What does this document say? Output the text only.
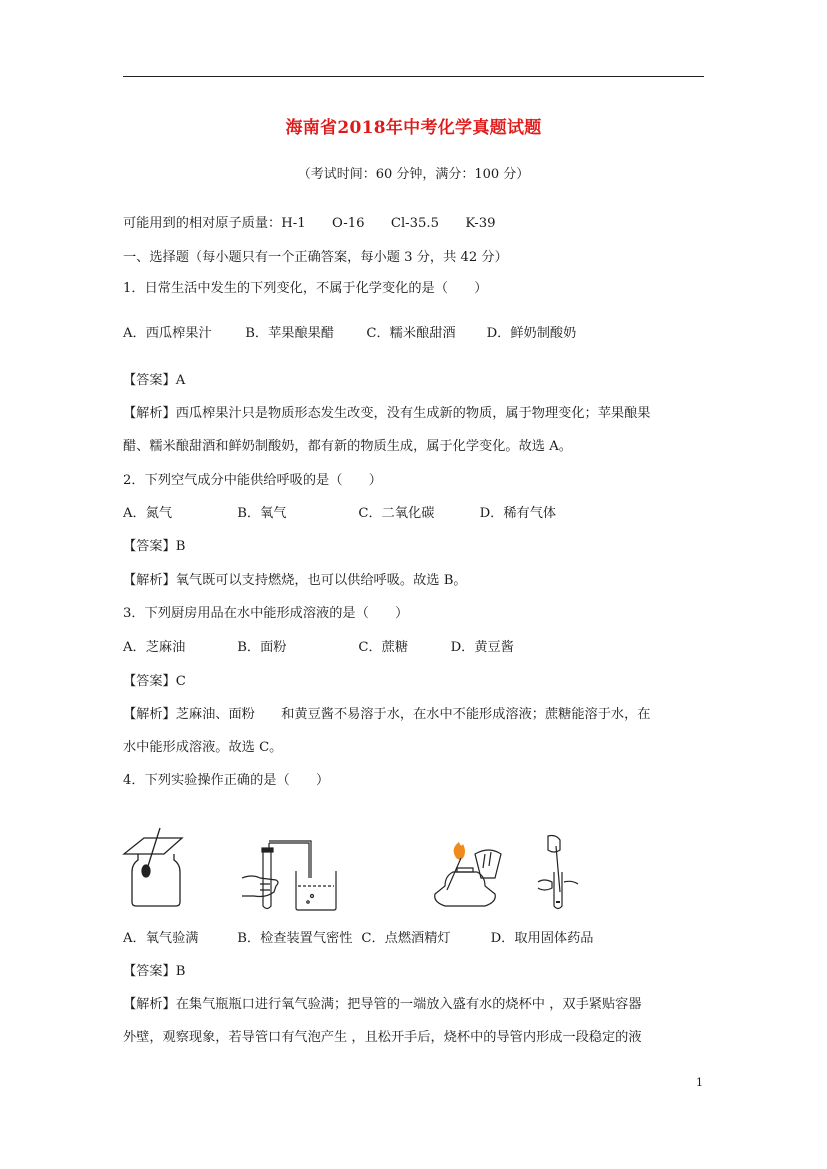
海南省2018年中考化学真题试题
（考试时间：60 分钟，满分：100 分）
可能用到的相对原子质量：H-1　　O-16　　Cl-35.5　　K-39
一、选择题（每小题只有一个正确答案，每小题 3 分，共 42 分）
1．日常生活中发生的下列变化，不属于化学变化的是（　　）
A．西瓜榨果汁	B．苹果酿果醋 C．糯米酿甜酒 D．鲜奶制酸奶
【答案】A
【解析】西瓜榨果汁只是物质形态发生改变，没有生成新的物质，属于物理变化；苹果酿果
醋、糯米酿甜酒和鲜奶制酸奶，都有新的物质生成，属于化学变化。故选 A。
2．下列空气成分中能供给呼吸的是（　　）
A．氮气	B．氧气	C．二氧化碳	D．稀有气体
【答案】B
【解析】氧气既可以支持燃烧，也可以供给呼吸。故选 B。
3．下列厨房用品在水中能形成溶液的是（　　）
A．芝麻油	B．面粉	C．蔗糖	D．黄豆酱
【答案】C
【解析】芝麻油、面粉　　和黄豆酱不易溶于水，在水中不能形成溶液；蔗糖能溶于水，在
水中能形成溶液。故选 C。
4．下列实验操作正确的是（　　）
A．氧气验满	B．检查装置气密性 C．点燃酒精灯	D．取用固体药品
【答案】B
【解析】在集气瓶瓶口进行氧气验满；把导管的一端放入盛有水的烧杯中 ，双手紧贴容器
外壁，观察现象，若导管口有气泡产生 ，且松开手后，烧杯中的导管内形成一段稳定的液
1
